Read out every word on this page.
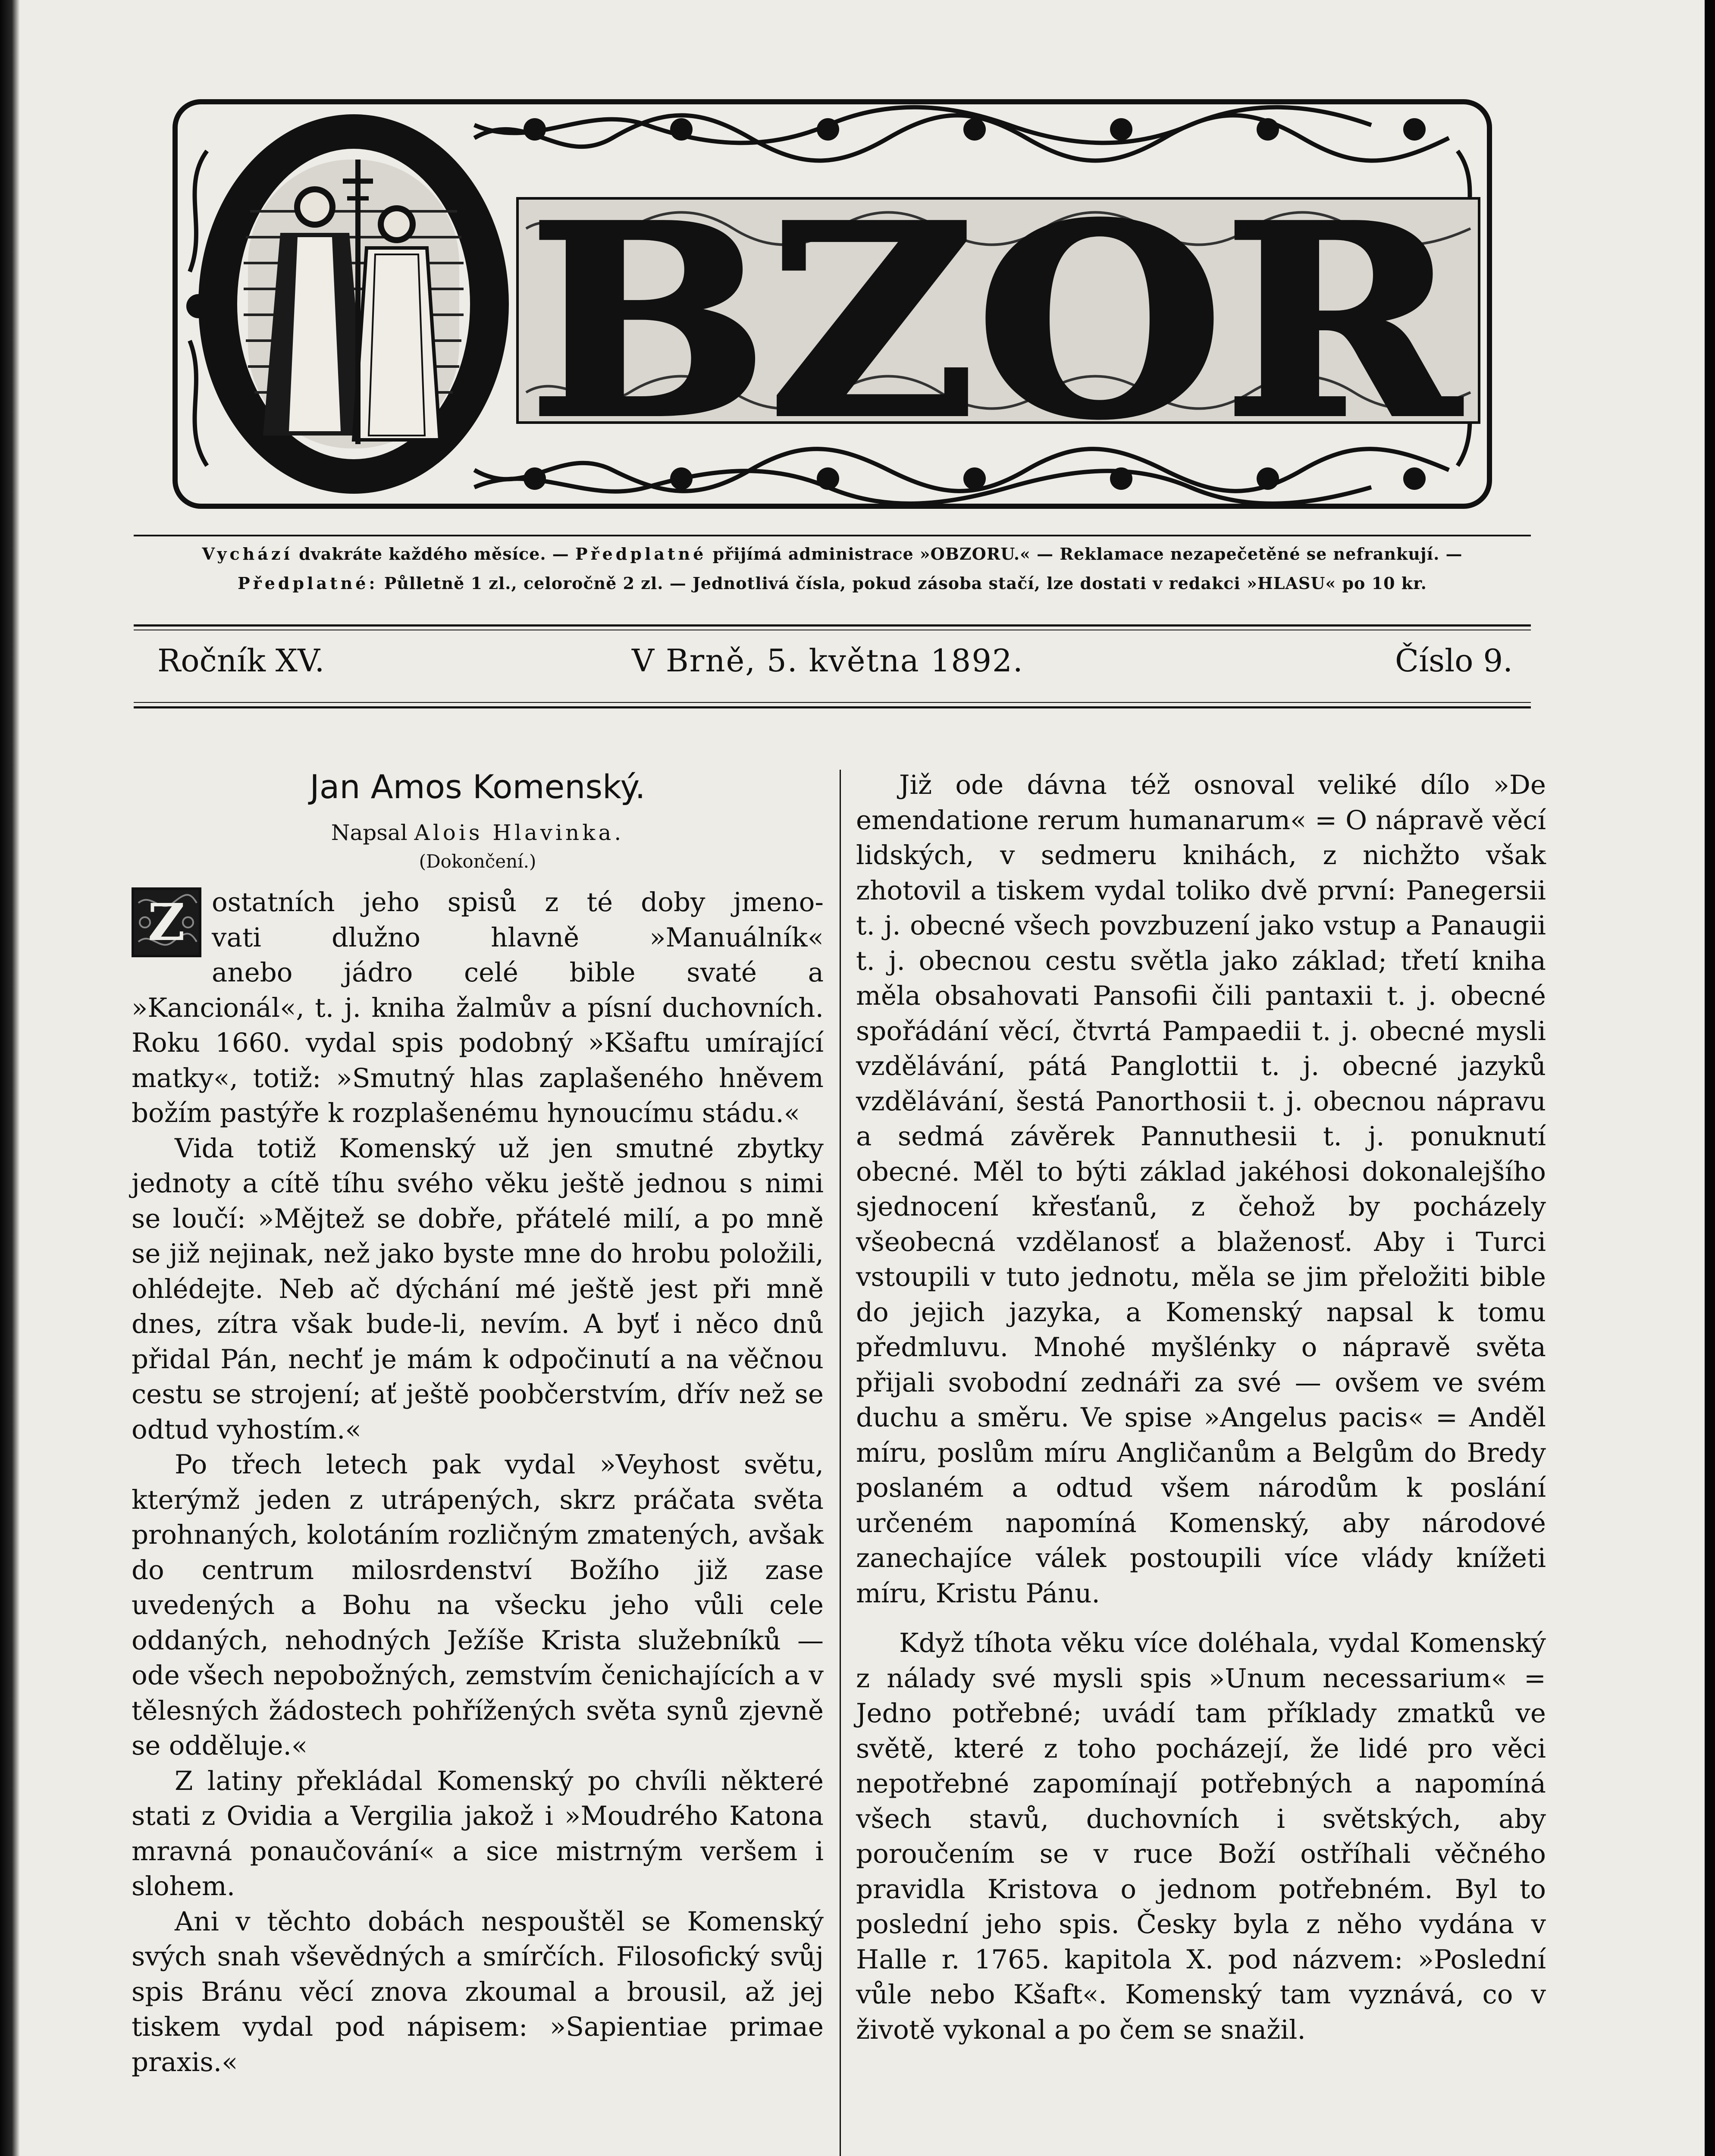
BZOR
Vychází dvakráte každého měsíce. — Předplatné přijímá administrace »OBZORU.« — Reklamace nezapečetěné se nefrankují. —
Předplatné: Půlletně 1 zl., celoročně 2 zl. — Jednotlivá čísla, pokud zásoba stačí, lze dostati v redakci »HLASU« po 10 kr.
Ročník XV.	V Brně, 5. května 1892.	Číslo 9.
Jan Amos Komenský.

Napsal Alois Hlavinka.

(Dokončení.)

Z	ostatních jeho spisů z té doby jmeno-
vati dlužno hlavně »Manuálník«
anebo jádro celé bible svaté a
»Kancionál«, t. j. kniha žalmův a písní duchovních. Roku 1660. vydal spis podobný »Kšaftu umírající matky«, totiž: »Smutný hlas zaplašeného hněvem božím pastýře k rozplašenému hynoucímu stádu.«

Vida totiž Komenský už jen smutné zbytky jednoty a cítě tíhu svého věku ještě jednou s nimi se loučí: »Mějtež se dobře, přátelé milí, a po mně se již nejinak, než jako byste mne do hrobu položili, ohlédejte. Neb ač dýchání mé ještě jest při mně dnes, zítra však bude-li, nevím. A byť i něco dnů přidal Pán, nechť je mám k odpočinutí a na věčnou cestu se strojení; ať ještě poobčerstvím, dřív než se odtud vyhostím.«

Po třech letech pak vydal »Veyhost světu, kterýmž jeden z utrápených, skrz práčata světa prohnaných, kolotáním rozličným zmatených, avšak do centrum milosrdenství Božího již zase uvedených a Bohu na všecku jeho vůli cele oddaných, nehodných Ježíše Krista služebníků — ode všech nepobožných, zemstvím čenichajících a v tělesných žádostech pohřížených světa synů zjevně se odděluje.«

Z latiny překládal Komenský po chvíli některé stati z Ovidia a Vergilia jakož i »Moudrého Katona mravná ponaučování« a sice mistrným veršem i slohem.

Ani v těchto dobách nespouštěl se Komenský svých snah vševědných a smírčích. Filosofický svůj spis Bránu věcí znova zkoumal a brousil, až jej tiskem vydal pod nápisem: »Sapientiae primae praxis.«

Již ode dávna též osnoval veliké dílo »De emendatione rerum humanarum« = O nápravě věcí lidských, v sedmeru knihách, z nichžto však zhotovil a tiskem vydal toliko dvě první: Panegersii t. j. obecné všech povzbuzení jako vstup a Panaugii t. j. obecnou cestu světla jako základ; třetí kniha měla obsahovati Pansofii čili pantaxii t. j. obecné spořádání věcí, čtvrtá Pampaedii t. j. obecné mysli vzdělávání, pátá Panglottii t. j. obecné jazyků vzdělávání, šestá Panorthosii t. j. obecnou nápravu a sedmá závěrek Pannuthesii t. j. ponuknutí obecné. Měl to býti základ jakéhosi dokonalejšího sjednocení křesťanů, z čehož by pocházely všeobecná vzdělanosť a blaženosť. Aby i Turci vstoupili v tuto jednotu, měla se jim přeložiti bible do jejich jazyka, a Komenský napsal k tomu předmluvu. Mnohé myšlénky o nápravě světa přijali svobodní zednáři za své — ovšem ve svém duchu a směru. Ve spise »Angelus pacis« = Anděl míru, poslům míru Angličanům a Belgům do Bredy poslaném a odtud všem národům k poslání určeném napomíná Komenský, aby národové zanechajíce válek postoupili více vlády knížeti míru, Kristu Pánu.

Když tíhota věku více doléhala, vydal Komenský z nálady své mysli spis »Unum necessarium« = Jedno potřebné; uvádí tam příklady zmatků ve světě, které z toho pocházejí, že lidé pro věci nepotřebné zapomínají potřebných a napomíná všech stavů, duchovních i světských, aby poroučením se v ruce Boží ostříhali věčného pravidla Kristova o jednom potřebném. Byl to poslední jeho spis. Česky byla z něho vydána v Halle r. 1765. kapitola X. pod názvem: »Poslední vůle nebo Kšaft«. Komenský tam vyznává, co v životě vykonal a po čem se snažil.
